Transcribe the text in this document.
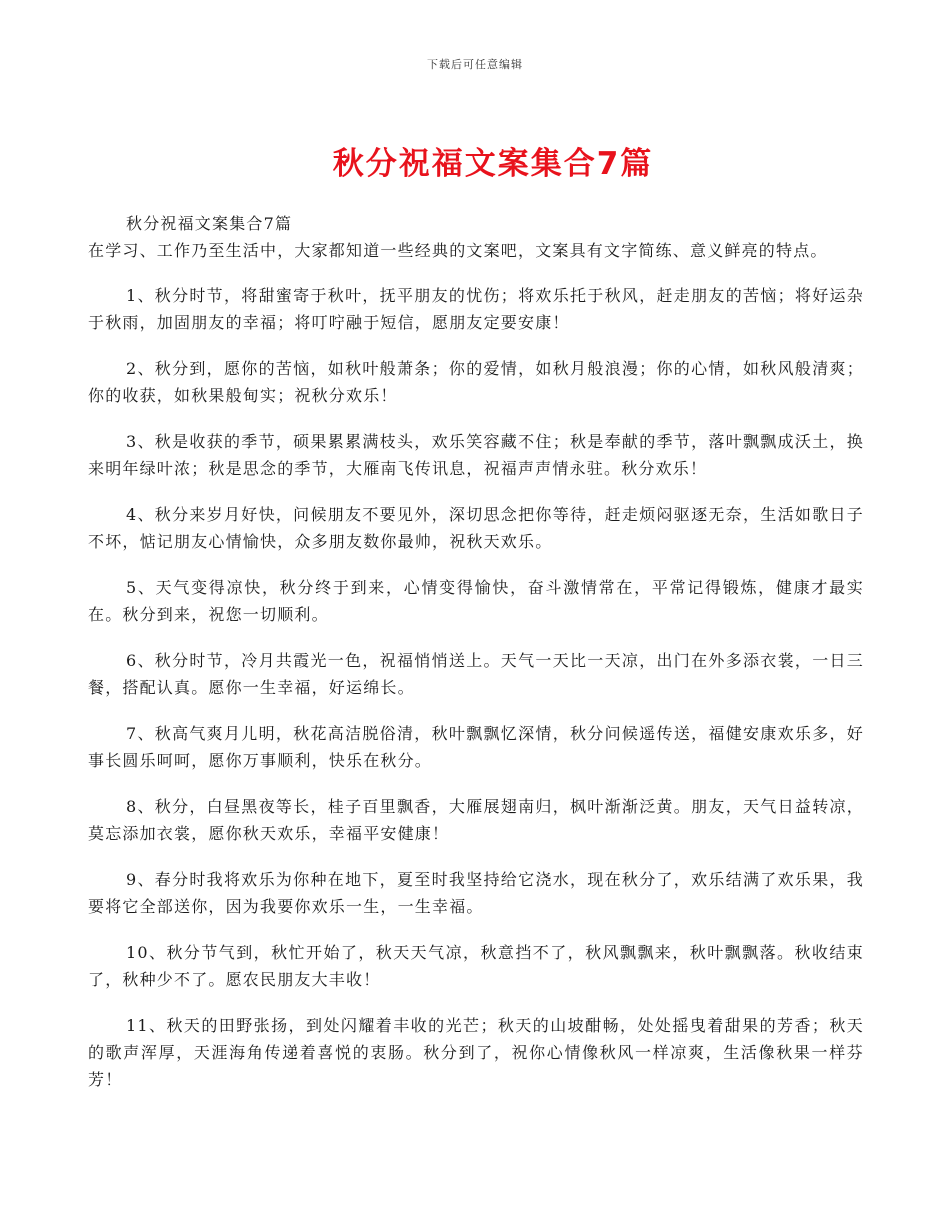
下载后可任意编辑
秋分祝福文案集合7篇

秋分祝福文案集合7篇

在学习、工作乃至生活中，大家都知道一些经典的文案吧，文案具有文字简练、意义鲜亮的特点。

1、秋分时节，将甜蜜寄于秋叶，抚平朋友的忧伤；将欢乐托于秋风，赶走朋友的苦恼；将好运杂于秋雨，加固朋友的幸福；将叮咛融于短信，愿朋友定要安康！

2、秋分到，愿你的苦恼，如秋叶般萧条；你的爱情，如秋月般浪漫；你的心情，如秋风般清爽；你的收获，如秋果般甸实；祝秋分欢乐！

3、秋是收获的季节，硕果累累满枝头，欢乐笑容藏不住；秋是奉献的季节，落叶飘飘成沃土，换来明年绿叶浓；秋是思念的季节，大雁南飞传讯息，祝福声声情永驻。秋分欢乐！

4、秋分来岁月好快，问候朋友不要见外，深切思念把你等待，赶走烦闷驱逐无奈，生活如歌日子不坏，惦记朋友心情愉快，众多朋友数你最帅，祝秋天欢乐。

5、天气变得凉快，秋分终于到来，心情变得愉快，奋斗激情常在，平常记得锻炼，健康才最实在。秋分到来，祝您一切顺利。

6、秋分时节，冷月共霞光一色，祝福悄悄送上。天气一天比一天凉，出门在外多添衣裳，一日三餐，搭配认真。愿你一生幸福，好运绵长。

7、秋高气爽月儿明，秋花高洁脱俗清，秋叶飘飘忆深情，秋分问候遥传送，福健安康欢乐多，好事长圆乐呵呵，愿你万事顺利，快乐在秋分。

8、秋分，白昼黑夜等长，桂子百里飘香，大雁展翅南归，枫叶渐渐泛黄。朋友，天气日益转凉，莫忘添加衣裳，愿你秋天欢乐，幸福平安健康！

9、春分时我将欢乐为你种在地下，夏至时我坚持给它浇水，现在秋分了，欢乐结满了欢乐果，我要将它全部送你，因为我要你欢乐一生，一生幸福。

10、秋分节气到，秋忙开始了，秋天天气凉，秋意挡不了，秋风飘飘来，秋叶飘飘落。秋收结束了，秋种少不了。愿农民朋友大丰收！

11、秋天的田野张扬，到处闪耀着丰收的光芒；秋天的山坡酣畅，处处摇曳着甜果的芳香；秋天的歌声浑厚，天涯海角传递着喜悦的衷肠。秋分到了，祝你心情像秋风一样凉爽，生活像秋果一样芬芳！
